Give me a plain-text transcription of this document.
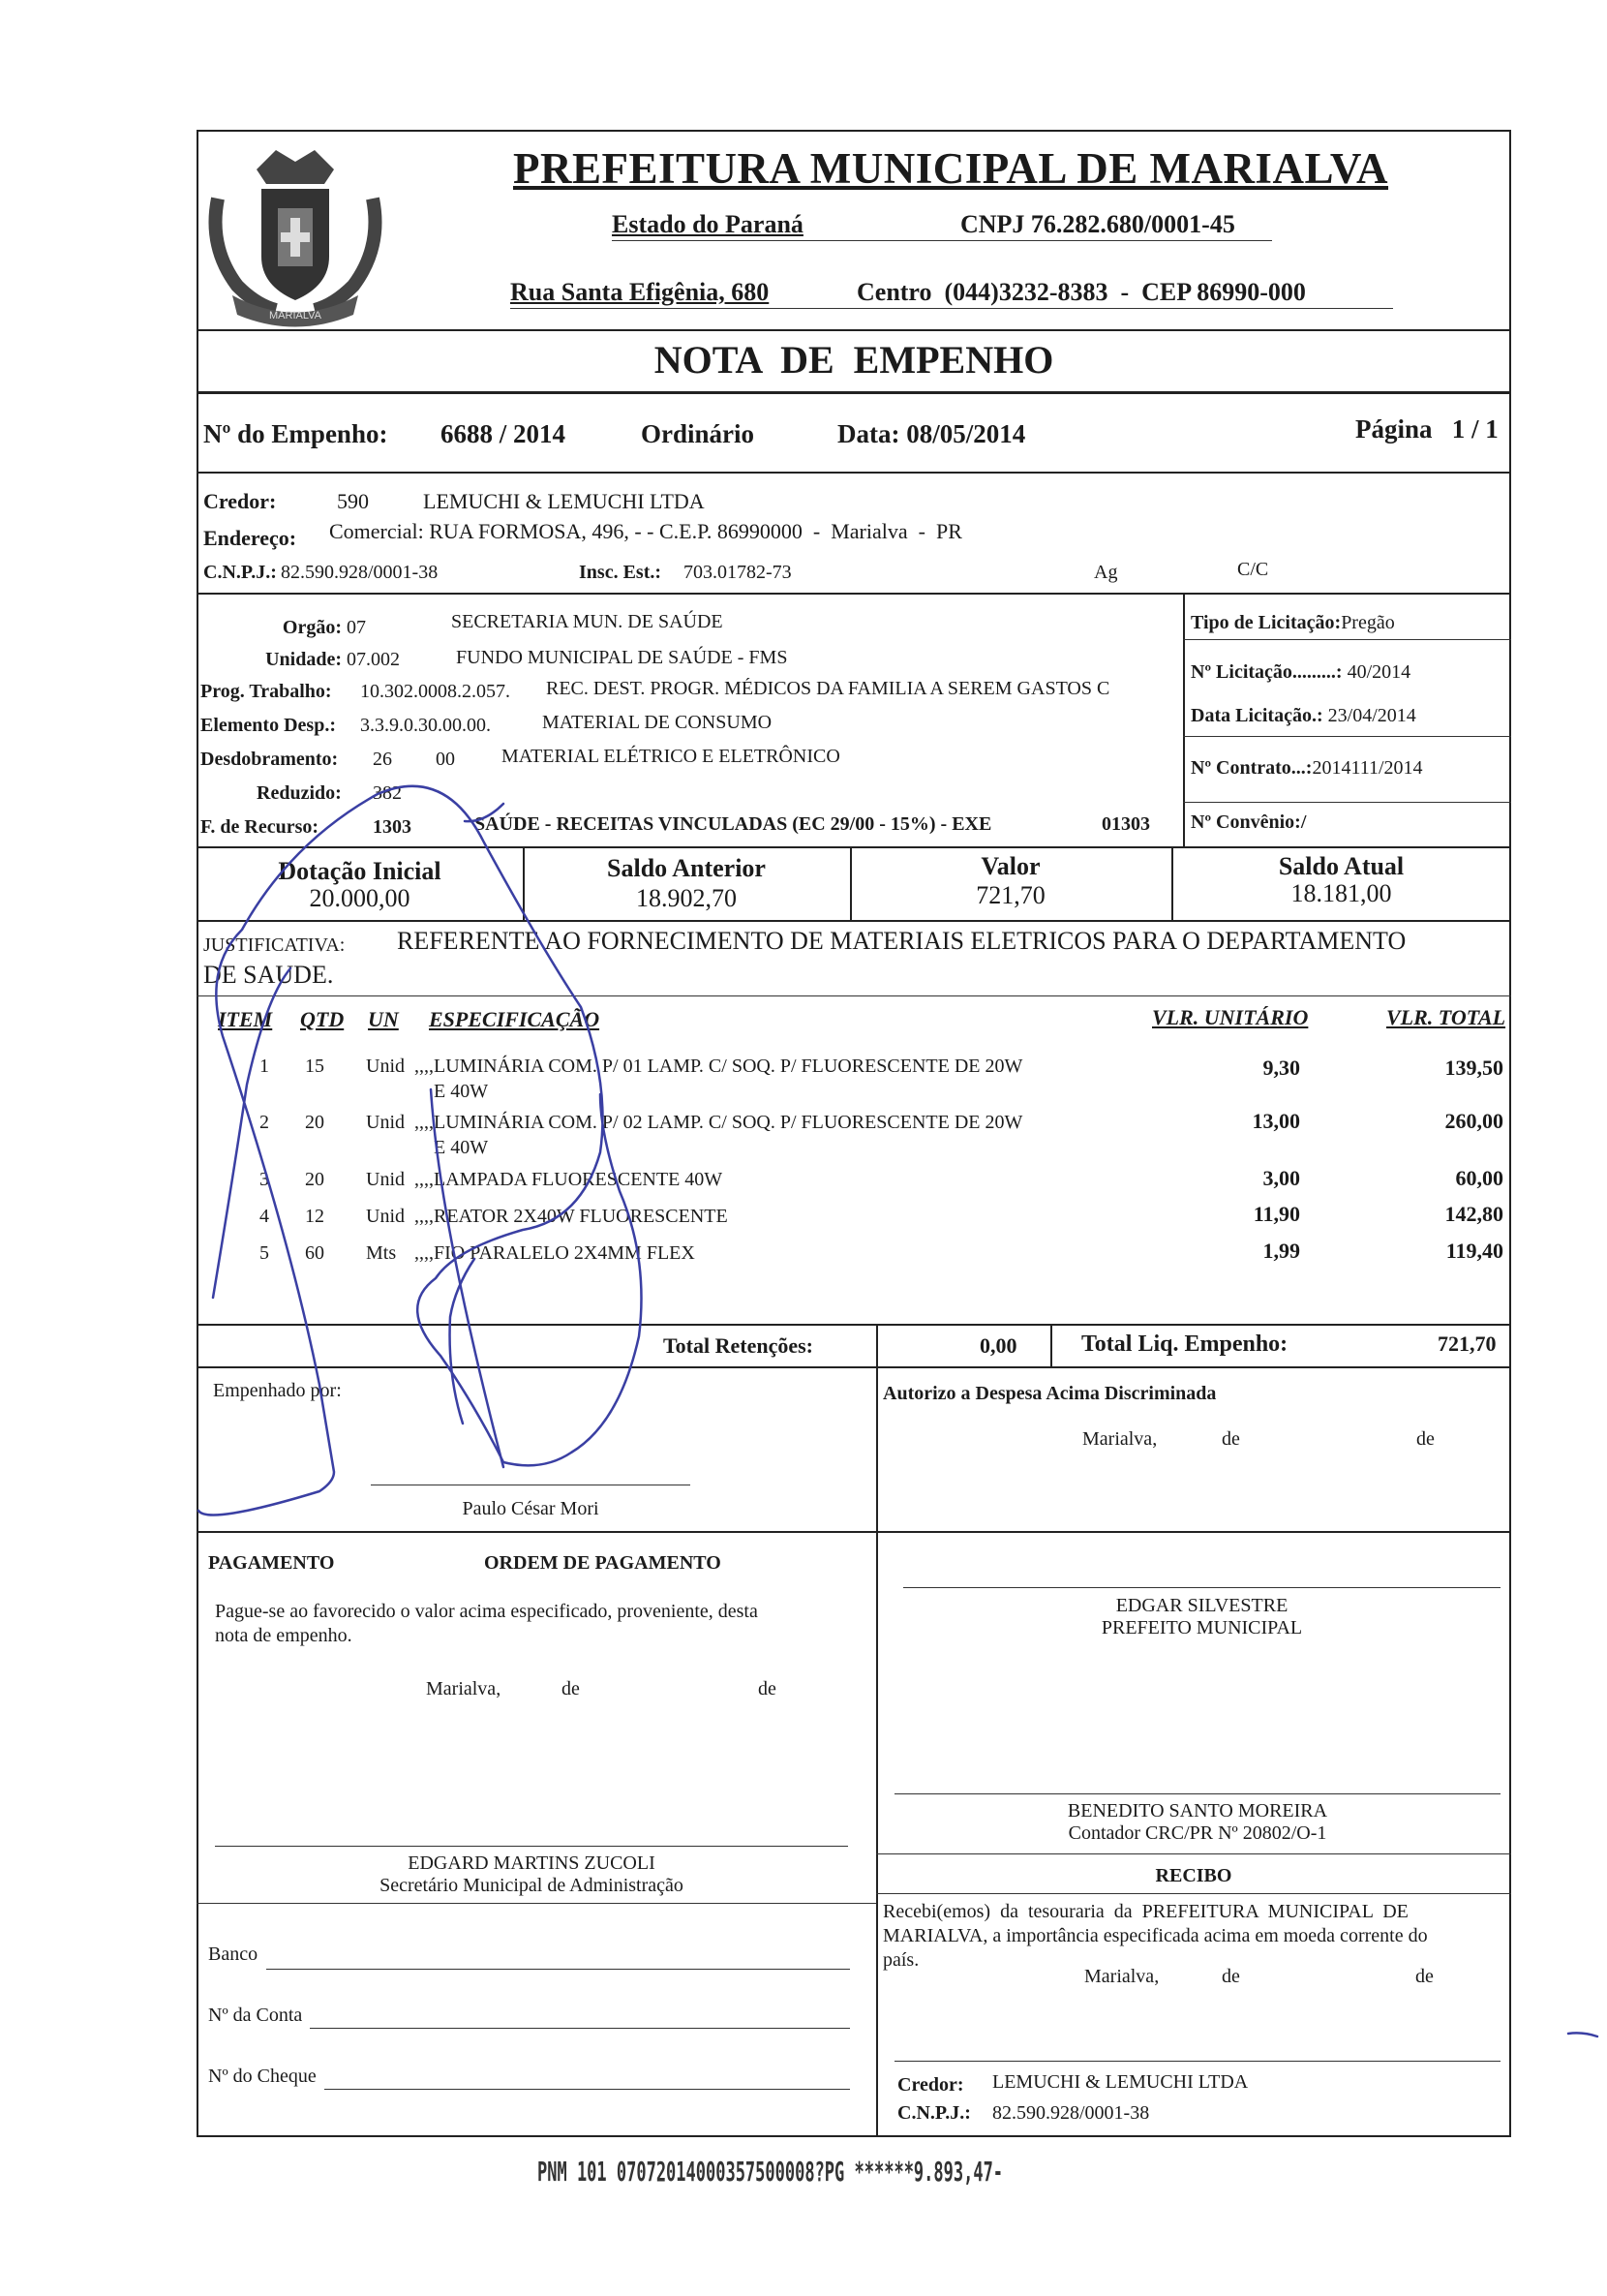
MARIALVA
PREFEITURA MUNICIPAL DE MARIALVA
Estado do Paraná	CNPJ 76.282.680/0001-45
Rua Santa Efigênia, 680	Centro  (044)3232-8383  -  CEP 86990-000
NOTA  DE  EMPENHO
Nº do Empenho: 6688 / 2014	Ordinário	Data: 08/05/2014	Página   1 / 1
Credor:	590	LEMUCHI & LEMUCHI LTDA
Endereço: Comercial: RUA FORMOSA, 496, - - C.E.P. 86990000  -  Marialva  -  PR
C.N.P.J.: 82.590.928/0001-38	Insc. Est.: 703.01782-73	Ag	C/C
Orgão: 07	SECRETARIA MUN. DE SAÚDE
Unidade: 07.002	FUNDO MUNICIPAL DE SAÚDE - FMS
Prog. Trabalho: 10.302.0008.2.057. REC. DEST. PROGR. MÉDICOS DA FAMILIA A SEREM GASTOS C
Elemento Desp.: 3.3.9.0.30.00.00.	MATERIAL DE CONSUMO
Desdobramento: 26 00 MATERIAL ELÉTRICO E ELETRÔNICO
Reduzido: 382
F. de Recurso:	1303	SAÚDE - RECEITAS VINCULADAS (EC 29/00 - 15%) - EXE	01303
Tipo de Licitação:Pregão
Nº Licitação.........: 40/2014
Data Licitação.: 23/04/2014
Nº Contrato...:2014111/2014
Nº Convênio:/
Dotação Inicial
20.000,00
Saldo Anterior
18.902,70
Valor
721,70
Saldo Atual
18.181,00
JUSTIFICATIVA: REFERENTE AO FORNECIMENTO DE MATERIAIS ELETRICOS PARA O DEPARTAMENTO
DE SAUDE.
ITEM QTD UN ESPECIFICAÇÃO	VLR. UNITÁRIO	VLR. TOTAL
1 15 Unid ,,,,LUMINÁRIA COM. P/ 01 LAMP. C/ SOQ. P/ FLUORESCENTE DE 20W
E 40W
9,30	139,50
2 20 Unid ,,,,LUMINÁRIA COM. P/ 02 LAMP. C/ SOQ. P/ FLUORESCENTE DE 20W
E 40W
13,00	260,00
3 20 Unid ,,,,LAMPADA FLUORESCENTE 40W	3,00	60,00
4 12 Unid ,,,,REATOR 2X40W FLUORESCENTE	11,90	142,80
5 60 Mts ,,,,FIO PARALELO 2X4MM FLEX	1,99	119,40
Total Retenções:	0,00	Total Liq. Empenho:	721,70
Empenhado por:
Paulo César Mori
Autorizo a Despesa Acima Discriminada
Marialva,	de	de
PAGAMENTO	ORDEM DE PAGAMENTO
Pague-se ao favorecido o valor acima especificado, proveniente, desta
nota de empenho.
Marialva,	de	de
EDGAR SILVESTRE
PREFEITO MUNICIPAL
BENEDITO SANTO MOREIRA
Contador CRC/PR Nº 20802/O-1
EDGARD MARTINS ZUCOLI
Secretário Municipal de Administração	RECIBO
Recebi(emos)  da  tesouraria  da  PREFEITURA  MUNICIPAL  DE
MARIALVA, a importância especificada acima em moeda corrente do
país.
Marialva,	de	de
Banco
Nº da Conta
Nº do Cheque	Credor: LEMUCHI & LEMUCHI LTDA
C.N.P.J.: 82.590.928/0001-38
PNM 101 07072014000357500008?PG ******9.893,47-
